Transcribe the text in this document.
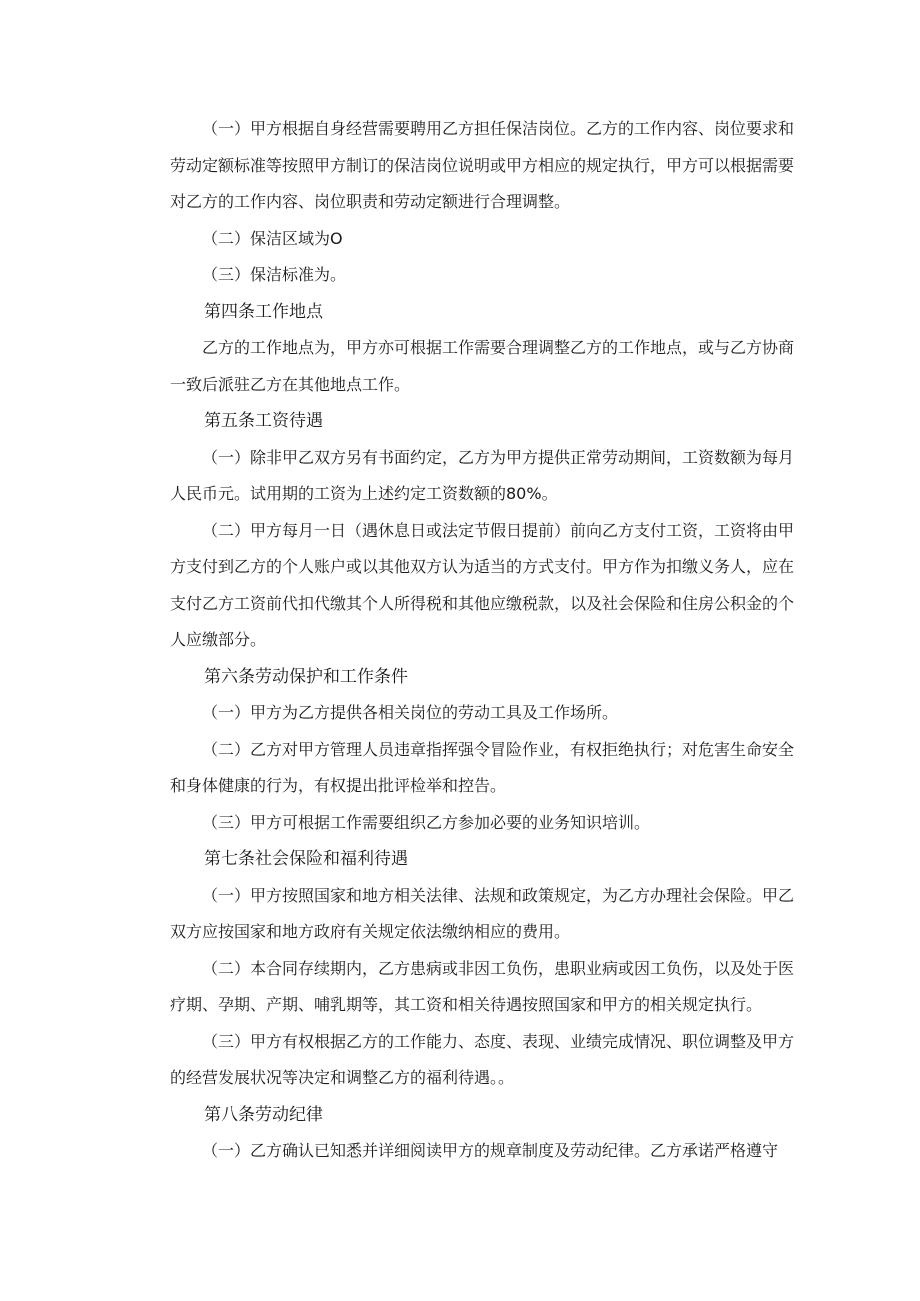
（一）甲方根据自身经营需要聘用乙方担任保洁岗位。乙方的工作内容、岗位要求和劳动定额标准等按照甲方制订的保洁岗位说明或甲方相应的规定执行，甲方可以根据需要对乙方的工作内容、岗位职责和劳动定额进行合理调整。

（二）保洁区域为O

（三）保洁标准为。

第四条工作地点

乙方的工作地点为，甲方亦可根据工作需要合理调整乙方的工作地点，或与乙方协商一致后派驻乙方在其他地点工作。

第五条工资待遇

（一）除非甲乙双方另有书面约定，乙方为甲方提供正常劳动期间，工资数额为每月人民币元。试用期的工资为上述约定工资数额的80%。

（二）甲方每月一日（遇休息日或法定节假日提前）前向乙方支付工资，工资将由甲方支付到乙方的个人账户或以其他双方认为适当的方式支付。甲方作为扣缴义务人，应在支付乙方工资前代扣代缴其个人所得税和其他应缴税款，以及社会保险和住房公积金的个人应缴部分。

第六条劳动保护和工作条件

（一）甲方为乙方提供各相关岗位的劳动工具及工作场所。

（二）乙方对甲方管理人员违章指挥强令冒险作业，有权拒绝执行；对危害生命安全和身体健康的行为，有权提出批评检举和控告。

（三）甲方可根据工作需要组织乙方参加必要的业务知识培训。

第七条社会保险和福利待遇

（一）甲方按照国家和地方相关法律、法规和政策规定，为乙方办理社会保险。甲乙双方应按国家和地方政府有关规定依法缴纳相应的费用。

（二）本合同存续期内，乙方患病或非因工负伤，患职业病或因工负伤，以及处于医疗期、孕期、产期、哺乳期等，其工资和相关待遇按照国家和甲方的相关规定执行。

（三）甲方有权根据乙方的工作能力、态度、表现、业绩完成情况、职位调整及甲方的经营发展状况等决定和调整乙方的福利待遇。。

第八条劳动纪律

（一）乙方确认已知悉并详细阅读甲方的规章制度及劳动纪律。乙方承诺严格遵守
